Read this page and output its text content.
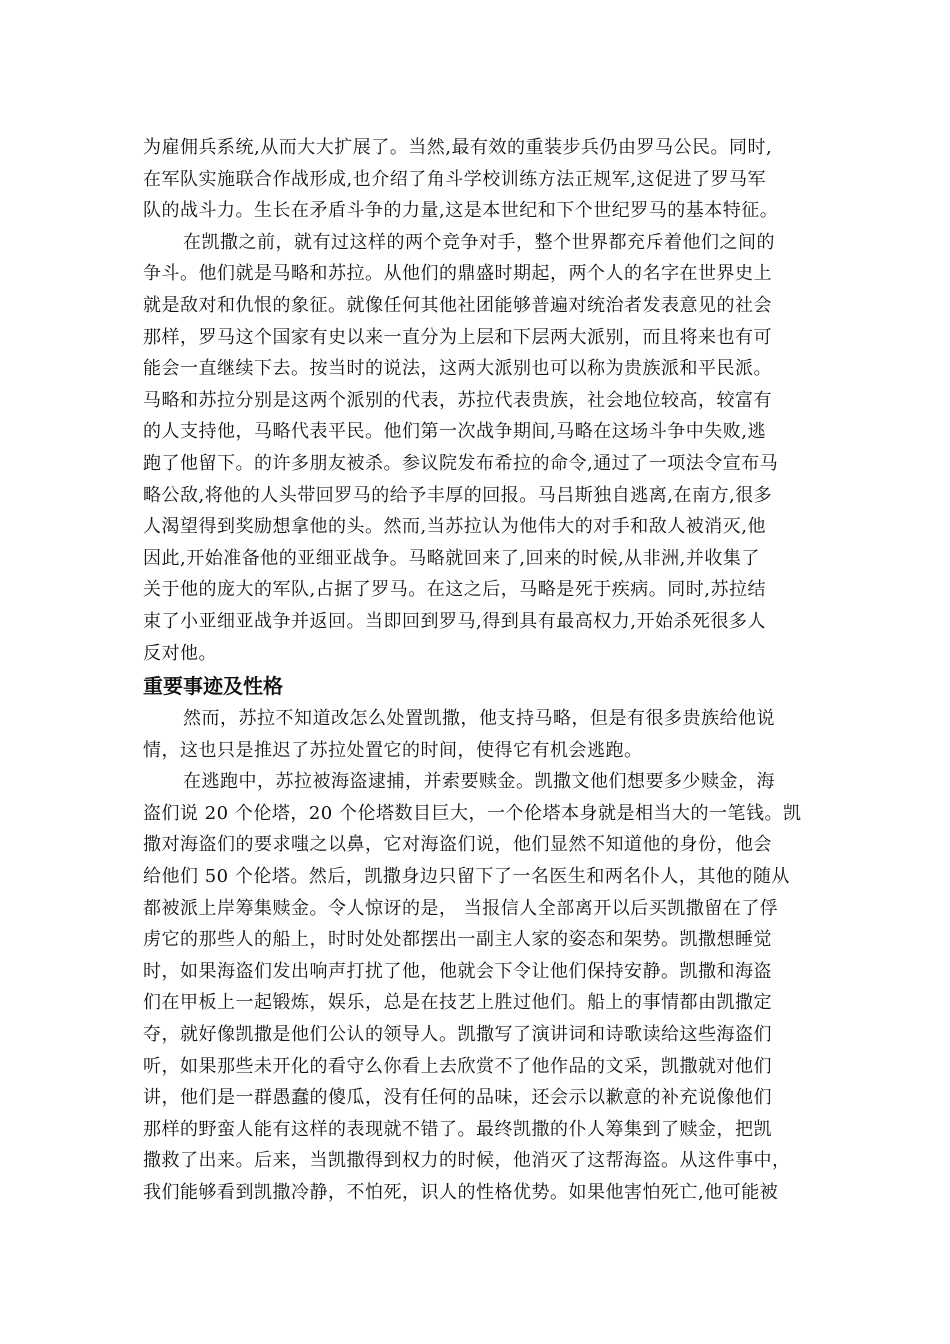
为雇佣兵系统,从而大大扩展了。当然,最有效的重装步兵仍由罗马公民。同时,
在军队实施联合作战形成,也介绍了角斗学校训练方法正规军,这促进了罗马军
队的战斗力。生长在矛盾斗争的力量,这是本世纪和下个世纪罗马的基本特征。
在凯撒之前，就有过这样的两个竞争对手，整个世界都充斥着他们之间的
争斗。他们就是马略和苏拉。从他们的鼎盛时期起，两个人的名字在世界史上
就是敌对和仇恨的象征。就像任何其他社团能够普遍对统治者发表意见的社会
那样，罗马这个国家有史以来一直分为上层和下层两大派别，而且将来也有可
能会一直继续下去。按当时的说法，这两大派别也可以称为贵族派和平民派。
马略和苏拉分别是这两个派别的代表，苏拉代表贵族，社会地位较高，较富有
的人支持他，马略代表平民。他们第一次战争期间,马略在这场斗争中失败,逃
跑了他留下。的许多朋友被杀。参议院发布希拉的命令,通过了一项法令宣布马
略公敌,将他的人头带回罗马的给予丰厚的回报。马吕斯独自逃离,在南方,很多
人渴望得到奖励想拿他的头。然而,当苏拉认为他伟大的对手和敌人被消灭,他
因此,开始准备他的亚细亚战争。马略就回来了,回来的时候,从非洲,并收集了
关于他的庞大的军队,占据了罗马。在这之后，马略是死于疾病。同时,苏拉结
束了小亚细亚战争并返回。当即回到罗马,得到具有最高权力,开始杀死很多人
反对他。
重要事迹及性格
然而，苏拉不知道改怎么处置凯撒，他支持马略，但是有很多贵族给他说
情，这也只是推迟了苏拉处置它的时间，使得它有机会逃跑。
在逃跑中，苏拉被海盗逮捕，并索要赎金。凯撒文他们想要多少赎金，海
盗们说 20 个伦塔，20 个伦塔数目巨大，一个伦塔本身就是相当大的一笔钱。凯
撒对海盗们的要求嗤之以鼻，它对海盗们说，他们显然不知道他的身份，他会
给他们 50 个伦塔。然后，凯撒身边只留下了一名医生和两名仆人，其他的随从
都被派上岸筹集赎金。令人惊讶的是， 当报信人全部离开以后买凯撒留在了俘
虏它的那些人的船上，时时处处都摆出一副主人家的姿态和架势。凯撒想睡觉
时，如果海盗们发出响声打扰了他，他就会下令让他们保持安静。凯撒和海盗
们在甲板上一起锻炼，娱乐，总是在技艺上胜过他们。船上的事情都由凯撒定
夺，就好像凯撒是他们公认的领导人。凯撒写了演讲词和诗歌读给这些海盗们
听，如果那些未开化的看守么你看上去欣赏不了他作品的文采，凯撒就对他们
讲，他们是一群愚蠢的傻瓜，没有任何的品味，还会示以歉意的补充说像他们
那样的野蛮人能有这样的表现就不错了。最终凯撒的仆人筹集到了赎金，把凯
撒救了出来。后来，当凯撒得到权力的时候，他消灭了这帮海盗。从这件事中，
我们能够看到凯撒冷静，不怕死，识人的性格优势。如果他害怕死亡,他可能被
